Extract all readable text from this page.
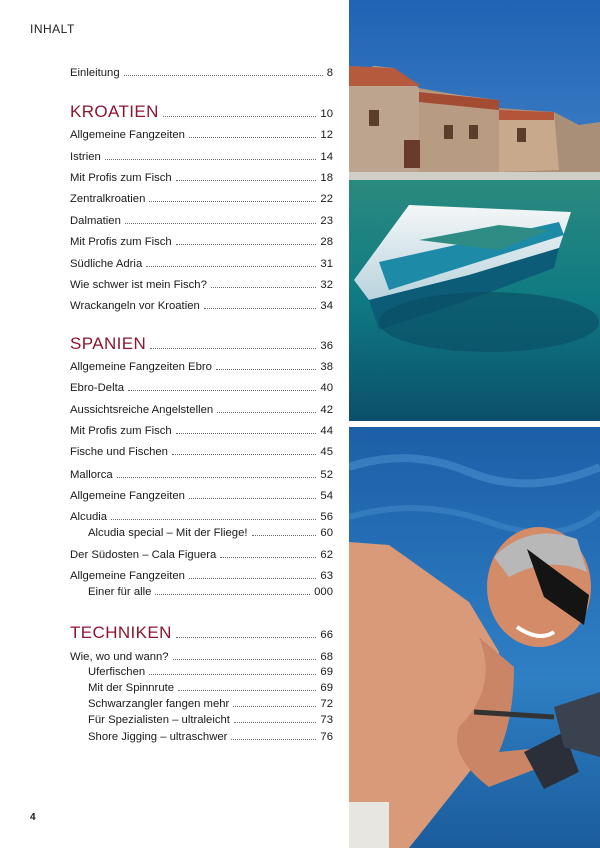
INHALT
Einleitung	8
KROATIEN	10
Allgemeine Fangzeiten	12
Istrien	14
Mit Profis zum Fisch	18
Zentralkroatien	22
Dalmatien	23
Mit Profis zum Fisch	28
Südliche Adria	31
Wie schwer ist mein Fisch?	32
Wrackangeln vor Kroatien	34
SPANIEN	36
Allgemeine Fangzeiten Ebro	38
Ebro-Delta	40
Aussichtsreiche Angelstellen	42
Mit Profis zum Fisch	44
Fische und Fischen	45
Mallorca	52
Allgemeine Fangzeiten	54
Alcudia	56
Alcudia special – Mit der Fliege!	60
Der Südosten – Cala Figuera	62
Allgemeine Fangzeiten	63
Einer für alle	000
TECHNIKEN	66
Wie, wo und wann?	68
Uferfischen	69
Mit der Spinnrute	69
Schwarzangler fangen mehr	72
Für Spezialisten – ultraleicht	73
Shore Jigging – ultraschwer	76
4
